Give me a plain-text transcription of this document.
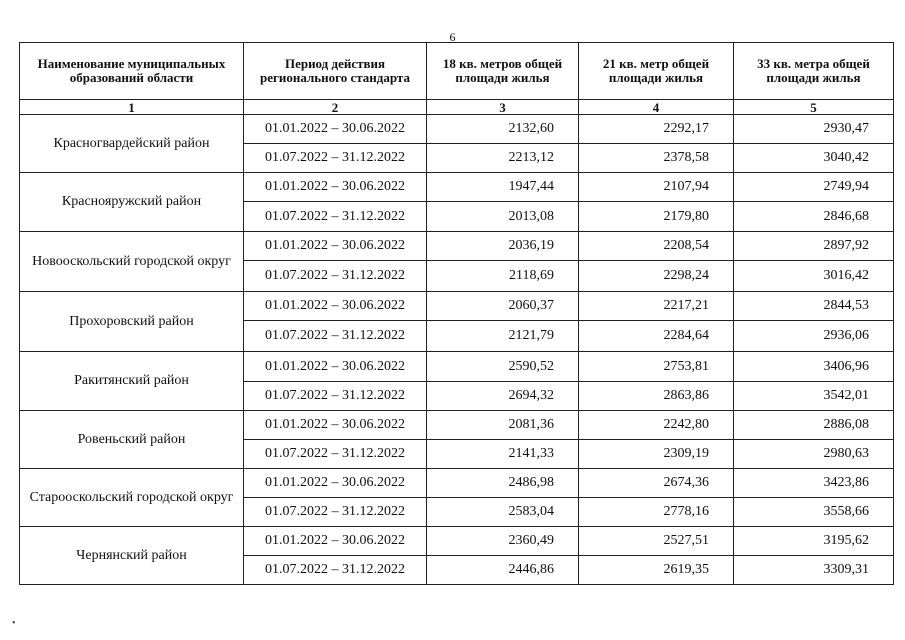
6
Наименование муниципальных образований области	Период действия регионального стандарта	18 кв. метров общей площади жилья	21 кв. метр общей площади жилья	33 кв. метра общей площади жилья
1	2	3	4	5
Красногвардейский район	01.01.2022 – 30.06.2022	2132,60	2292,17	2930,47
	01.07.2022 – 31.12.2022	2213,12	2378,58	3040,42
Краснояружский район	01.01.2022 – 30.06.2022	1947,44	2107,94	2749,94
	01.07.2022 – 31.12.2022	2013,08	2179,80	2846,68
Новооскольский городской округ	01.01.2022 – 30.06.2022	2036,19	2208,54	2897,92
	01.07.2022 – 31.12.2022	2118,69	2298,24	3016,42
Прохоровский район	01.01.2022 – 30.06.2022	2060,37	2217,21	2844,53
	01.07.2022 – 31.12.2022	2121,79	2284,64	2936,06
Ракитянский район	01.01.2022 – 30.06.2022	2590,52	2753,81	3406,96
	01.07.2022 – 31.12.2022	2694,32	2863,86	3542,01
Ровеньский район	01.01.2022 – 30.06.2022	2081,36	2242,80	2886,08
	01.07.2022 – 31.12.2022	2141,33	2309,19	2980,63
Старооскольский городской округ	01.01.2022 – 30.06.2022	2486,98	2674,36	3423,86
	01.07.2022 – 31.12.2022	2583,04	2778,16	3558,66
Чернянский район	01.01.2022 – 30.06.2022	2360,49	2527,51	3195,62
	01.07.2022 – 31.12.2022	2446,86	2619,35	3309,31
•
